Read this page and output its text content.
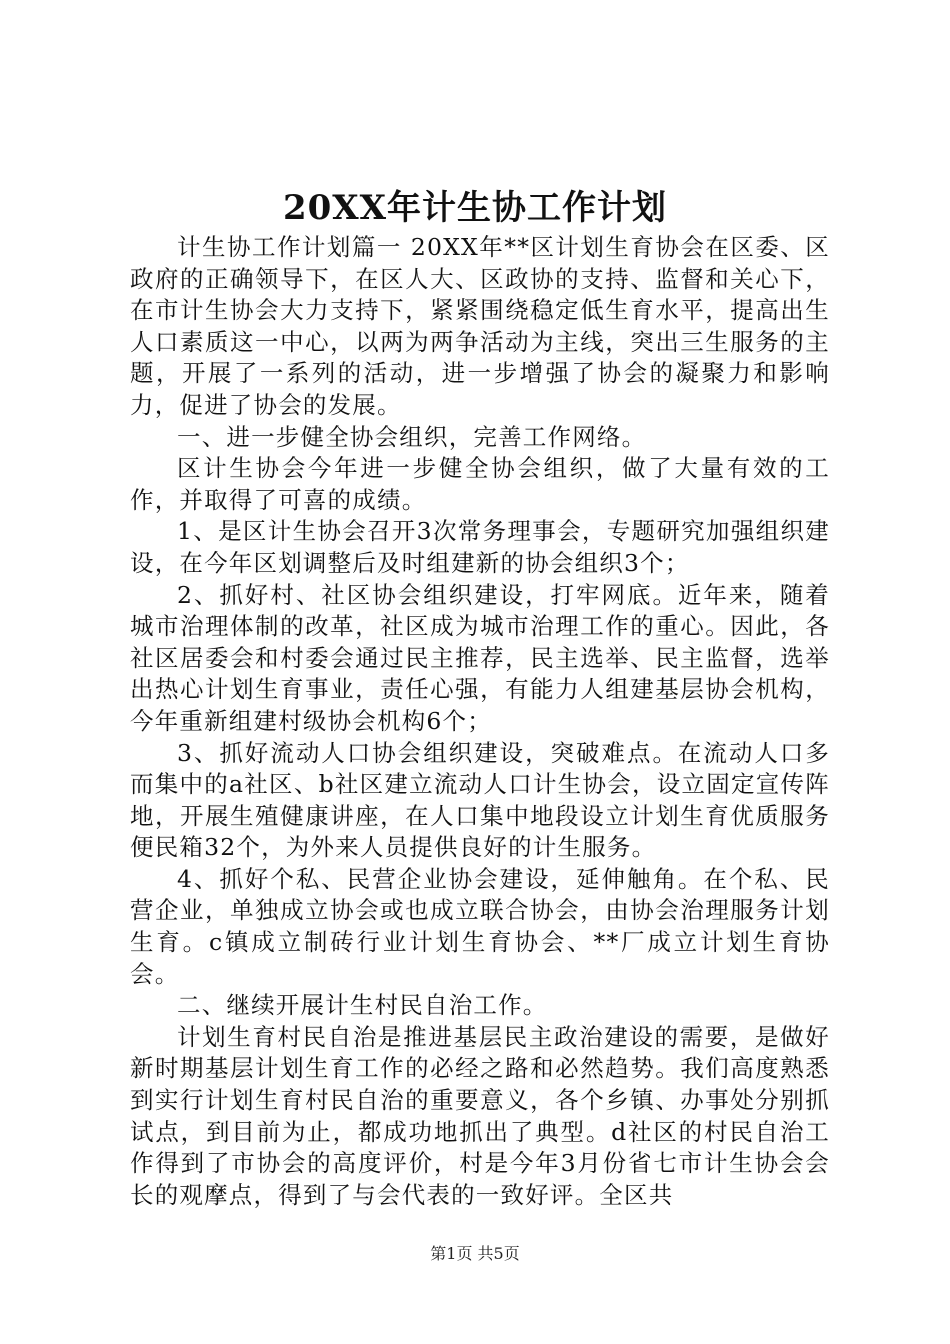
20XX年计生协工作计划

计生协工作计划篇一 20XX年**区计划生育协会在区委、区政府的正确领导下，在区人大、区政协的支持、监督和关心下，在市计生协会大力支持下，紧紧围绕稳定低生育水平，提高出生人口素质这一中心，以两为两争活动为主线，突出三生服务的主题，开展了一系列的活动，进一步增强了协会的凝聚力和影响力，促进了协会的发展。

一、进一步健全协会组织，完善工作网络。

区计生协会今年进一步健全协会组织，做了大量有效的工作，并取得了可喜的成绩。

1、是区计生协会召开3次常务理事会，专题研究加强组织建设，在今年区划调整后及时组建新的协会组织3个；

2、抓好村、社区协会组织建设，打牢网底。近年来，随着城市治理体制的改革，社区成为城市治理工作的重心。因此，各社区居委会和村委会通过民主推荐，民主选举、民主监督，选举出热心计划生育事业，责任心强，有能力人组建基层协会机构，今年重新组建村级协会机构6个；

3、抓好流动人口协会组织建设，突破难点。在流动人口多而集中的a社区、b社区建立流动人口计生协会，设立固定宣传阵地，开展生殖健康讲座，在人口集中地段设立计划生育优质服务便民箱32个，为外来人员提供良好的计生服务。

4、抓好个私、民营企业协会建设，延伸触角。在个私、民营企业，单独成立协会或也成立联合协会，由协会治理服务计划生育。c镇成立制砖行业计划生育协会、**厂成立计划生育协会。

二、继续开展计生村民自治工作。

计划生育村民自治是推进基层民主政治建设的需要，是做好新时期基层计划生育工作的必经之路和必然趋势。我们高度熟悉到实行计划生育村民自治的重要意义，各个乡镇、办事处分别抓试点，到目前为止，都成功地抓出了典型。d社区的村民自治工作得到了市协会的高度评价，村是今年3月份省七市计生协会会长的观摩点，得到了与会代表的一致好评。全区共

第1页 共5页
